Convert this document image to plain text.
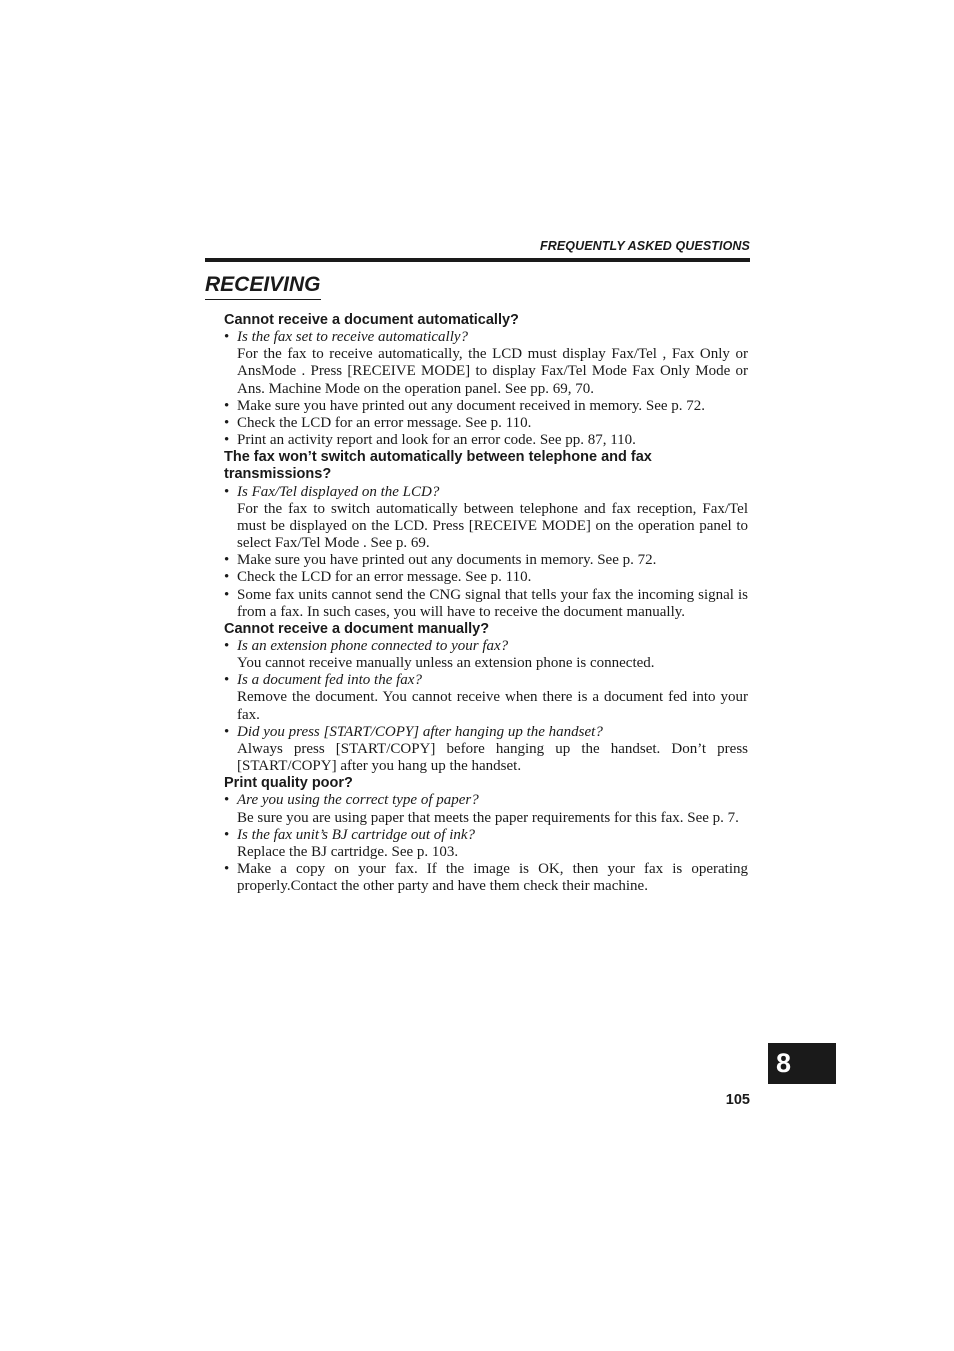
FREQUENTLY ASKED QUESTIONS
RECEIVING

Cannot receive a document automatically?

• Is the fax set to receive automatically?
For the fax to receive automatically, the LCD must display Fax/Tel , Fax Only or AnsMode . Press [RECEIVE MODE] to display Fax/Tel Mode Fax Only Mode or Ans. Machine Mode on the operation panel. See pp. 69, 70.
• Make sure you have printed out any document received in memory. See p. 72.
• Check the LCD for an error message. See p. 110.
• Print an activity report and look for an error code. See pp. 87, 110.

The fax won’t switch automatically between telephone and fax transmissions?

• Is Fax/Tel displayed on the LCD?
For the fax to switch automatically between telephone and fax reception, Fax/Tel must be displayed on the LCD. Press [RECEIVE MODE] on the operation panel to select Fax/Tel Mode . See p. 69.
• Make sure you have printed out any documents in memory. See p. 72.
• Check the LCD for an error message. See p. 110.
• Some fax units cannot send the CNG signal that tells your fax the incoming signal is from a fax. In such cases, you will have to receive the document manually.

Cannot receive a document manually?

• Is an extension phone connected to your fax?
You cannot receive manually unless an extension phone is connected.
• Is a document fed into the fax?
Remove the document. You cannot receive when there is a document fed into your fax.
• Did you press [START/COPY] after hanging up the handset?
Always press [START/COPY] before hanging up the handset. Don’t press [START/COPY] after you hang up the handset.

Print quality poor?

• Are you using the correct type of paper?
Be sure you are using paper that meets the paper requirements for this fax. See p. 7.
• Is the fax unit’s BJ cartridge out of ink?
Replace the BJ cartridge. See p. 103.
• Make a copy on your fax. If the image is OK, then your fax is operating properly.Contact the other party and have them check their machine.
8
105
